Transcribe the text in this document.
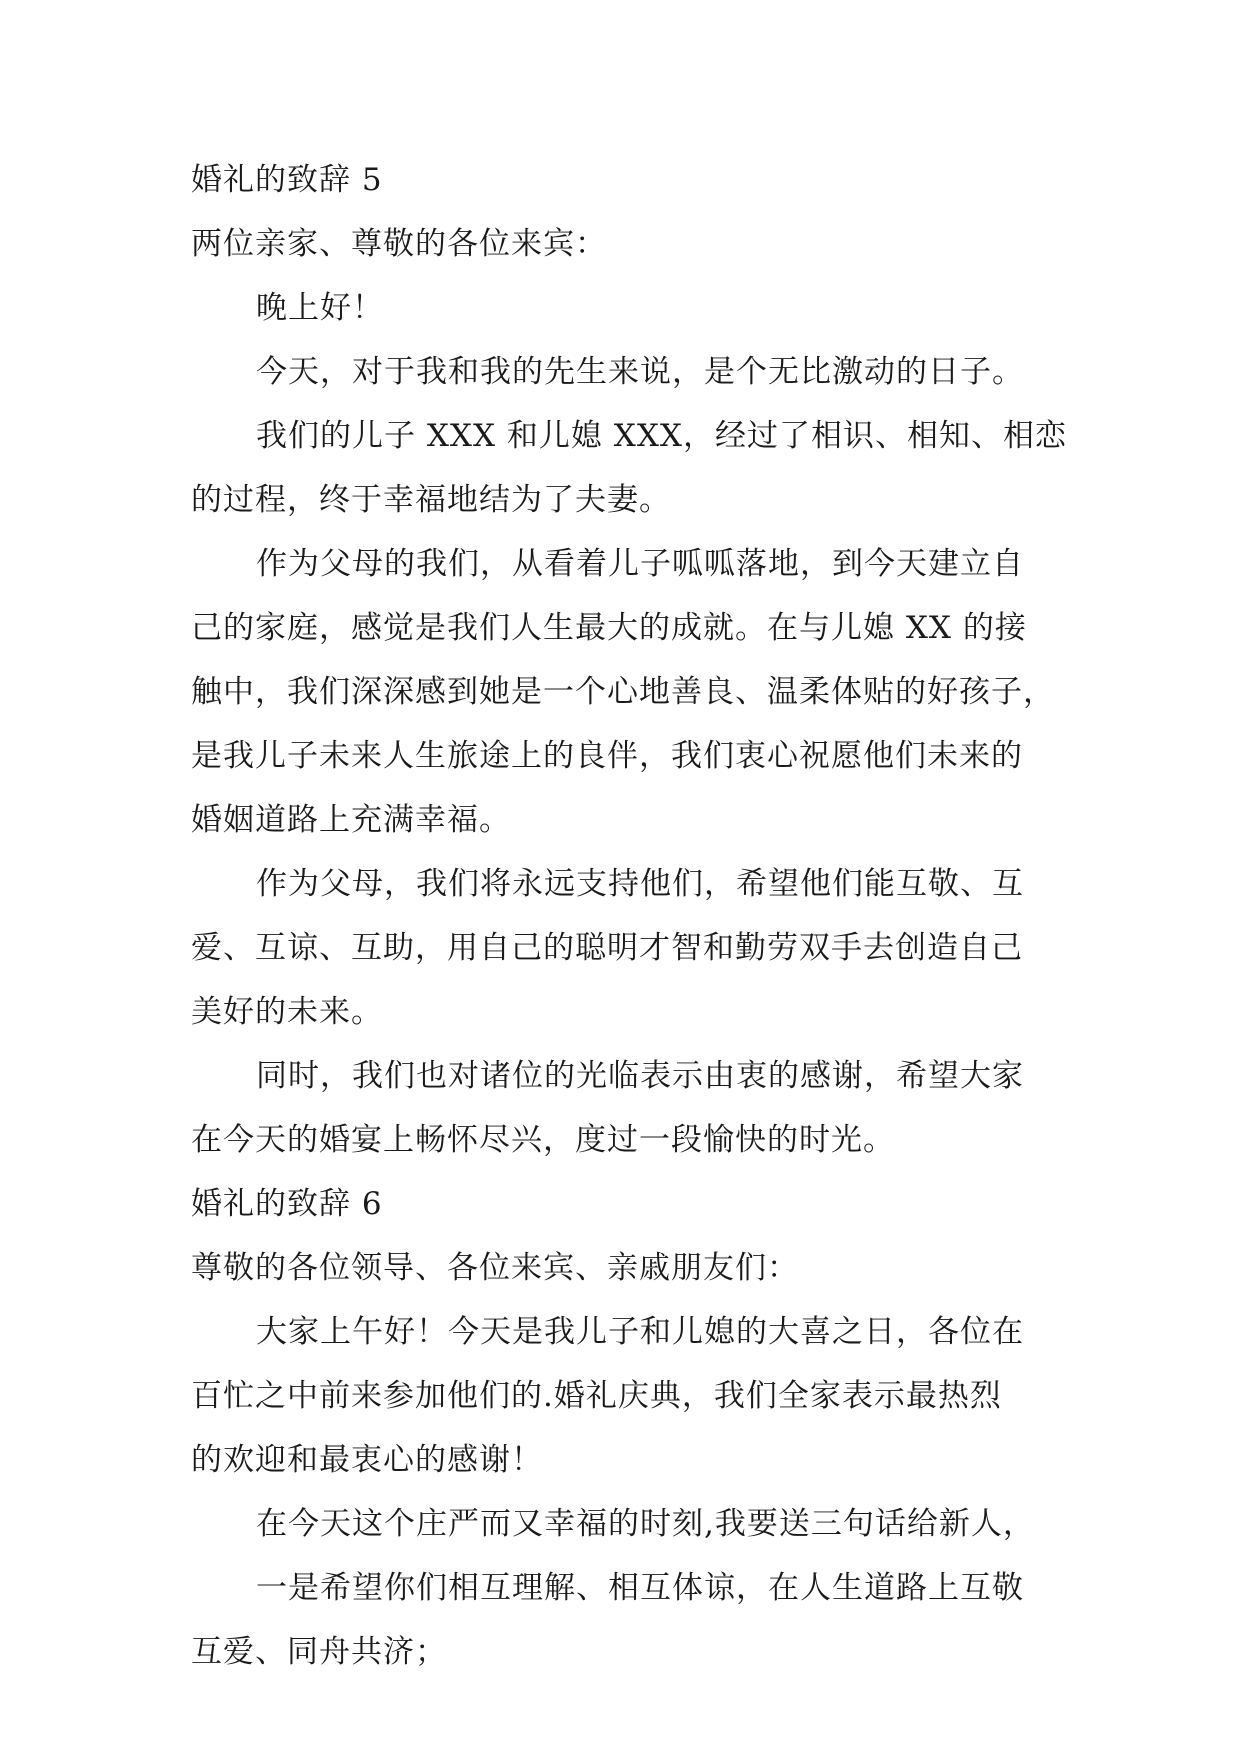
婚礼的致辞 5
两位亲家、尊敬的各位来宾：
晚上好！
今天，对于我和我的先生来说，是个无比激动的日子。
我们的儿子 XXX 和儿媳 XXX，经过了相识、相知、相恋
的过程，终于幸福地结为了夫妻。
作为父母的我们，从看着儿子呱呱落地，到今天建立自
己的家庭，感觉是我们人生最大的成就。在与儿媳 XX 的接
触中，我们深深感到她是一个心地善良、温柔体贴的好孩子，
是我儿子未来人生旅途上的良伴，我们衷心祝愿他们未来的
婚姻道路上充满幸福。
作为父母，我们将永远支持他们，希望他们能互敬、互
爱、互谅、互助，用自己的聪明才智和勤劳双手去创造自己
美好的未来。
同时，我们也对诸位的光临表示由衷的感谢，希望大家
在今天的婚宴上畅怀尽兴，度过一段愉快的时光。
婚礼的致辞 6
尊敬的各位领导、各位来宾、亲戚朋友们：
大家上午好！今天是我儿子和儿媳的大喜之日，各位在
百忙之中前来参加他们的.婚礼庆典，我们全家表示最热烈
的欢迎和最衷心的感谢！
在今天这个庄严而又幸福的时刻,我要送三句话给新人，
一是希望你们相互理解、相互体谅，在人生道路上互敬
互爱、同舟共济；
